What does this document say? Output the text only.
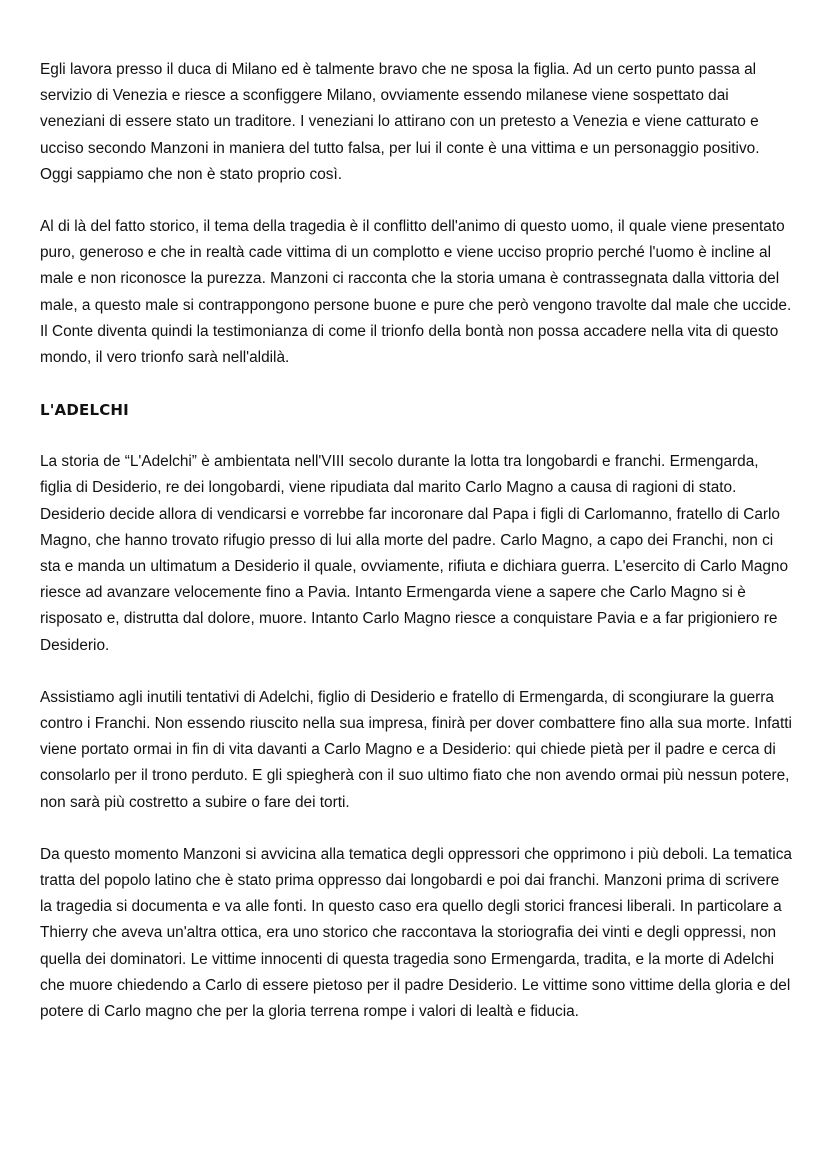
Egli lavora presso il duca di Milano ed è talmente bravo che ne sposa la figlia. Ad un certo punto passa al servizio di Venezia e riesce a sconfiggere Milano, ovviamente essendo milanese viene sospettato dai veneziani di essere stato un traditore. I veneziani lo attirano con un pretesto a Venezia e viene catturato e ucciso secondo Manzoni in maniera del tutto falsa, per lui il conte è una vittima e un personaggio positivo. Oggi sappiamo che non è stato proprio così.

Al di là del fatto storico, il tema della tragedia è il conflitto dell'animo di questo uomo, il quale viene presentato puro, generoso e che in realtà cade vittima di un complotto e viene ucciso proprio perché l'uomo è incline al male e non riconosce la purezza. Manzoni ci racconta che la storia umana è contrassegnata dalla vittoria del male, a questo male si contrappongono persone buone e pure che però vengono travolte dal male che uccide. Il Conte diventa quindi la testimonianza di come il trionfo della bontà non possa accadere nella vita di questo mondo, il vero trionfo sarà nell'aldilà.

L'ADELCHI

La storia de “L'Adelchi” è ambientata nell'VIII secolo durante la lotta tra longobardi e franchi. Ermengarda, figlia di Desiderio, re dei longobardi, viene ripudiata dal marito Carlo Magno a causa di ragioni di stato. Desiderio decide allora di vendicarsi e vorrebbe far incoronare dal Papa i figli di Carlomanno, fratello di Carlo Magno, che hanno trovato rifugio presso di lui alla morte del padre. Carlo Magno, a capo dei Franchi, non ci sta e manda un ultimatum a Desiderio il quale, ovviamente, rifiuta e dichiara guerra. L'esercito di Carlo Magno riesce ad avanzare velocemente fino a Pavia. Intanto Ermengarda viene a sapere che Carlo Magno si è risposato e, distrutta dal dolore, muore. Intanto Carlo Magno riesce a conquistare Pavia e a far prigioniero re Desiderio.

Assistiamo agli inutili tentativi di Adelchi, figlio di Desiderio e fratello di Ermengarda, di scongiurare la guerra contro i Franchi. Non essendo riuscito nella sua impresa, finirà per dover combattere fino alla sua morte. Infatti viene portato ormai in fin di vita davanti a Carlo Magno e a Desiderio: qui chiede pietà per il padre e cerca di consolarlo per il trono perduto. E gli spiegherà con il suo ultimo fiato che non avendo ormai più nessun potere, non sarà più costretto a subire o fare dei torti.

Da questo momento Manzoni si avvicina alla tematica degli oppressori che opprimono i più deboli. La tematica tratta del popolo latino che è stato prima oppresso dai longobardi e poi dai franchi. Manzoni prima di scrivere la tragedia si documenta e va alle fonti. In questo caso era quello degli storici francesi liberali. In particolare a Thierry che aveva un'altra ottica, era uno storico che raccontava la storiografia dei vinti e degli oppressi, non quella dei dominatori. Le vittime innocenti di questa tragedia sono Ermengarda, tradita, e la morte di Adelchi che muore chiedendo a Carlo di essere pietoso per il padre Desiderio. Le vittime sono vittime della gloria e del potere di Carlo magno che per la gloria terrena rompe i valori di lealtà e fiducia.
